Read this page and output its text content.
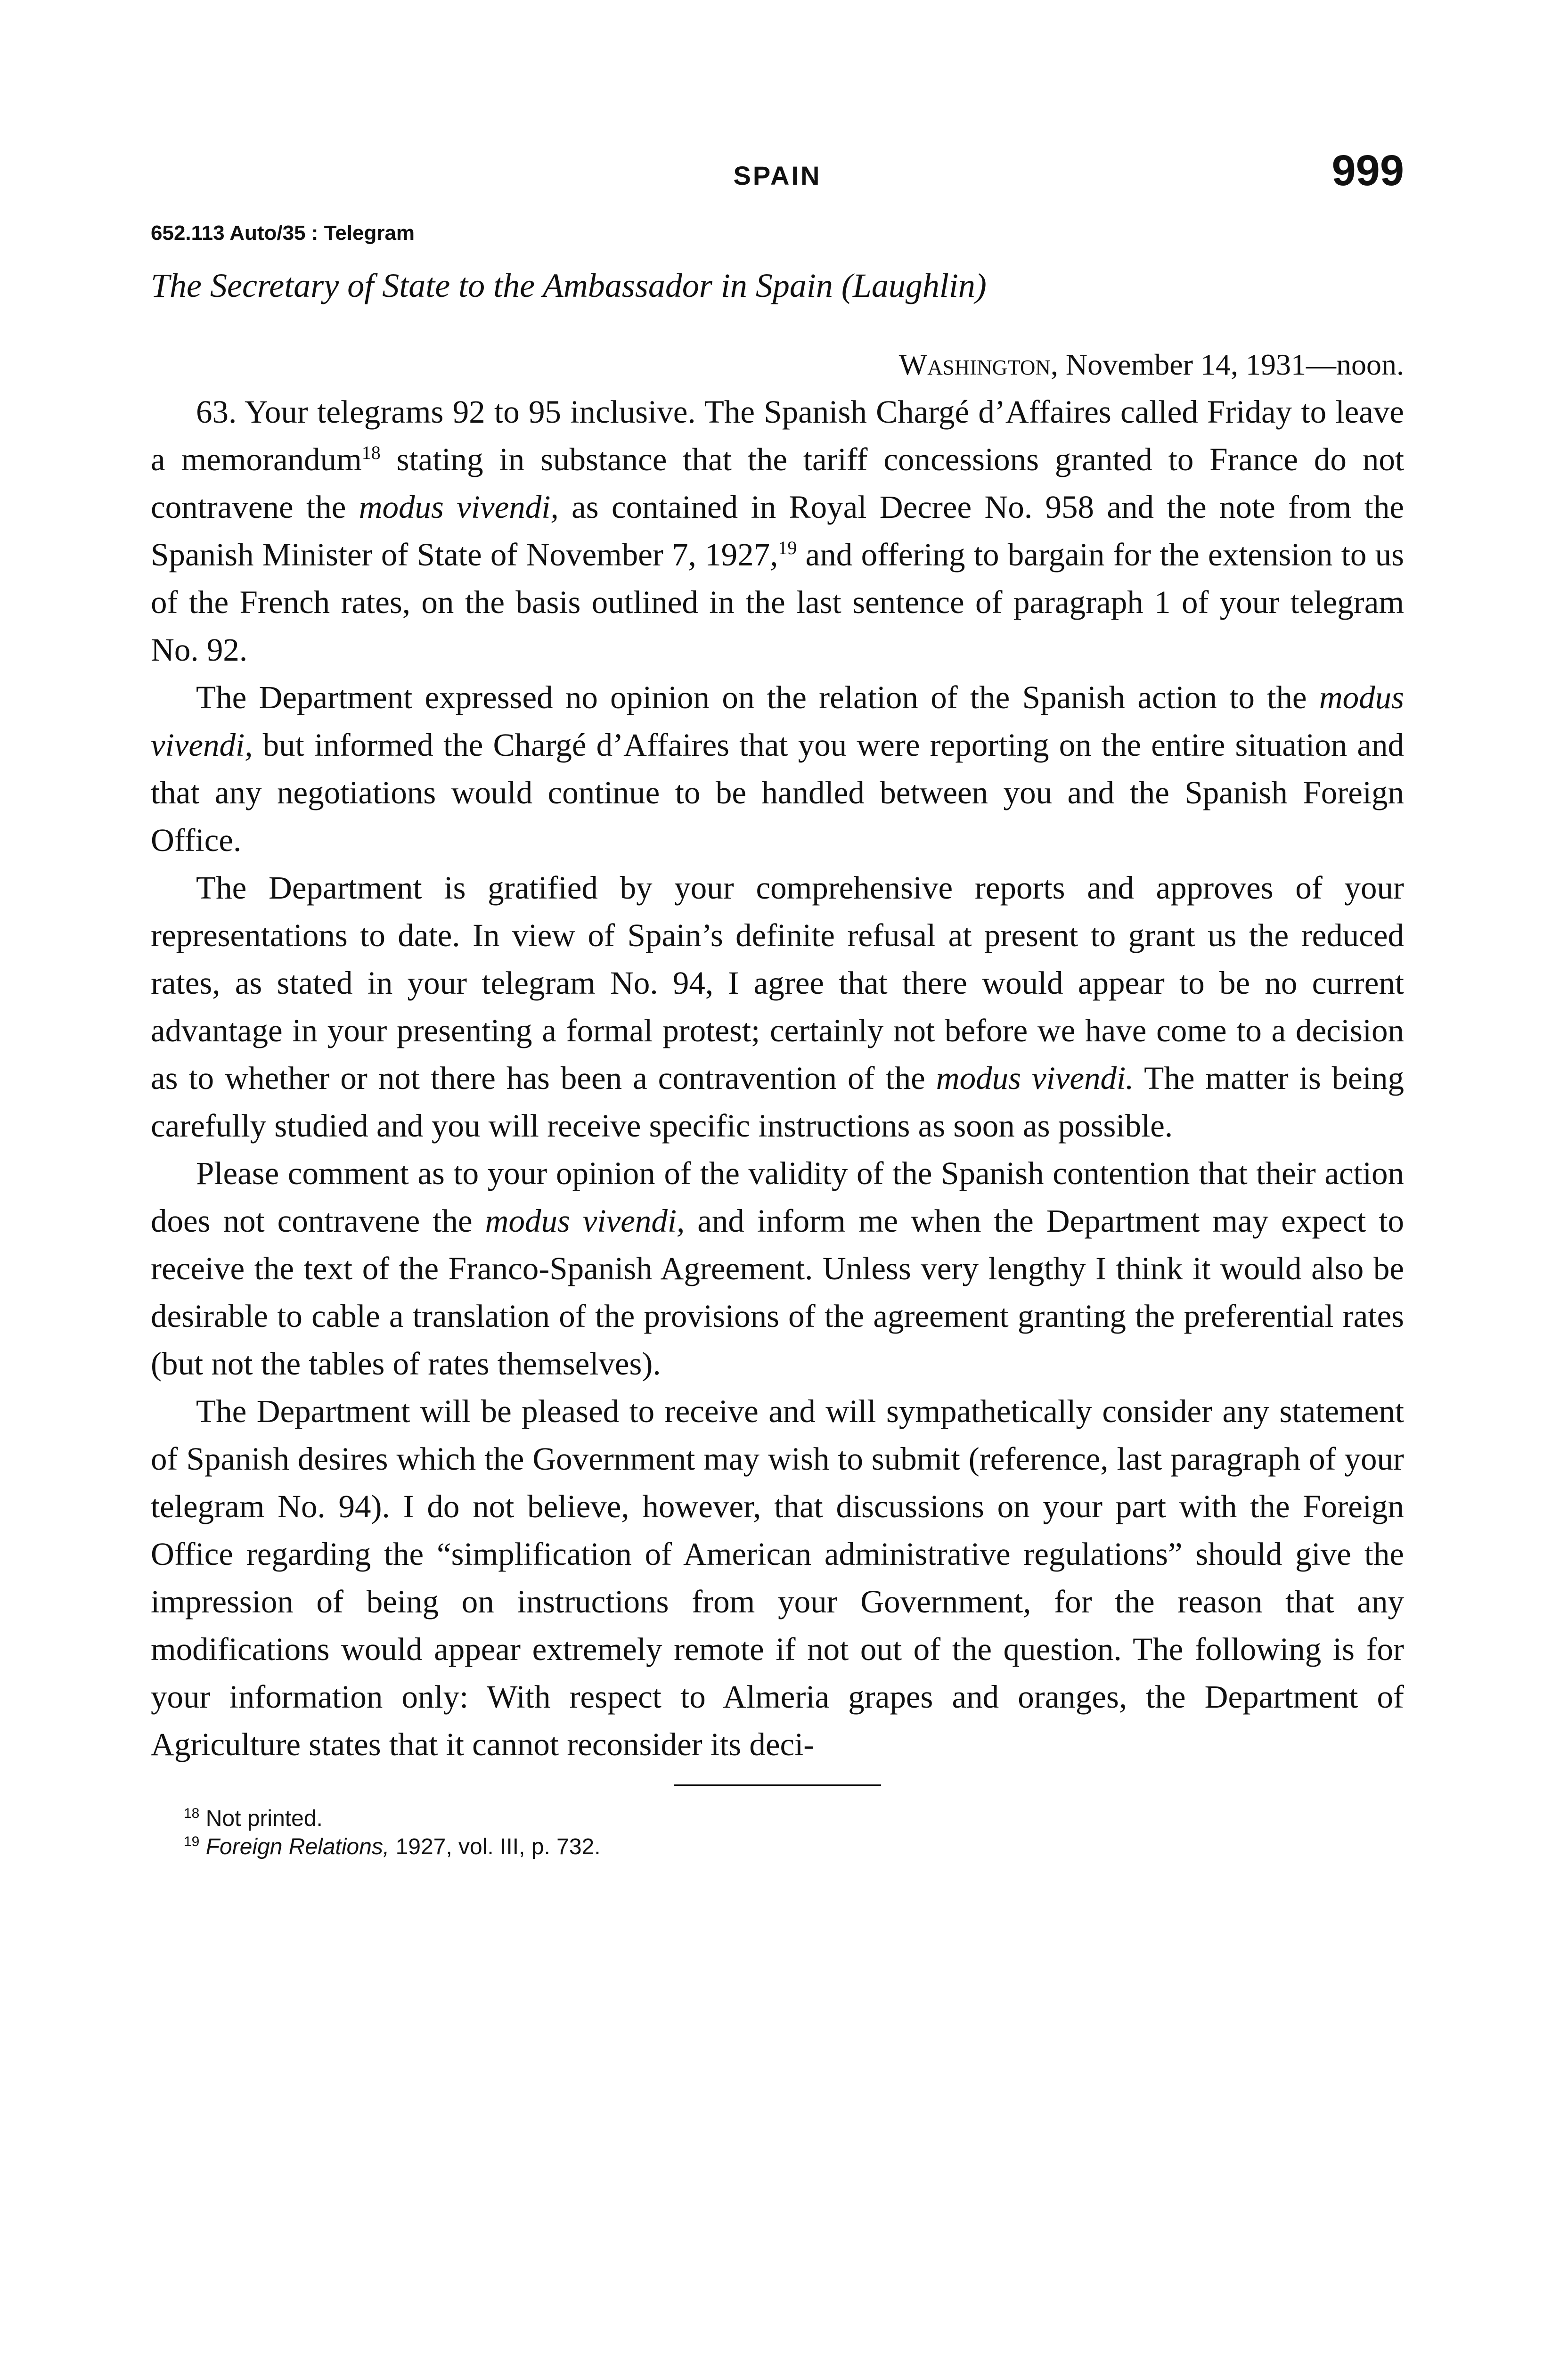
SPAIN	999
652.113 Auto/35 : Telegram
The Secretary of State to the Ambassador in Spain (Laughlin)
Washington, November 14, 1931—noon.

63. Your telegrams 92 to 95 inclusive. The Spanish Chargé d’Affaires called Friday to leave a memorandum$^{18}$ stating in substance that the tariff concessions granted to France do not contravene the modus vivendi, as contained in Royal Decree No. 958 and the note from the Spanish Minister of State of November 7, 1927,19 and offering to bargain for the extension to us of the French rates, on the basis outlined in the last sentence of paragraph 1 of your telegram No. 92.

The Department expressed no opinion on the relation of the Spanish action to the modus vivendi, but informed the Chargé d’Affaires that you were reporting on the entire situation and that any negotiations would continue to be handled between you and the Spanish Foreign Office.

The Department is gratified by your comprehensive reports and approves of your representations to date. In view of Spain’s definite refusal at present to grant us the reduced rates, as stated in your telegram No. 94, I agree that there would appear to be no current advantage in your presenting a formal protest; certainly not before we have come to a decision as to whether or not there has been a contravention of the modus vivendi. The matter is being carefully studied and you will receive specific instructions as soon as possible.

Please comment as to your opinion of the validity of the Spanish contention that their action does not contravene the modus vivendi, and inform me when the Department may expect to receive the text of the Franco-Spanish Agreement. Unless very lengthy I think it would also be desirable to cable a translation of the provisions of the agreement granting the preferential rates (but not the tables of rates themselves).

The Department will be pleased to receive and will sympathetically consider any statement of Spanish desires which the Government may wish to submit (reference, last paragraph of your telegram No. 94). I do not believe, however, that discussions on your part with the Foreign Office regarding the “simplification of American administrative regulations” should give the impression of being on instructions from your Government, for the reason that any modifications would appear extremely remote if not out of the question. The following is for your information only: With respect to Almeria grapes and oranges, the Department of Agriculture states that it cannot reconsider its deci-

$^{18}$ Not printed.
$^{19}$ Foreign Relations, 1927, vol. III, p. 732.
